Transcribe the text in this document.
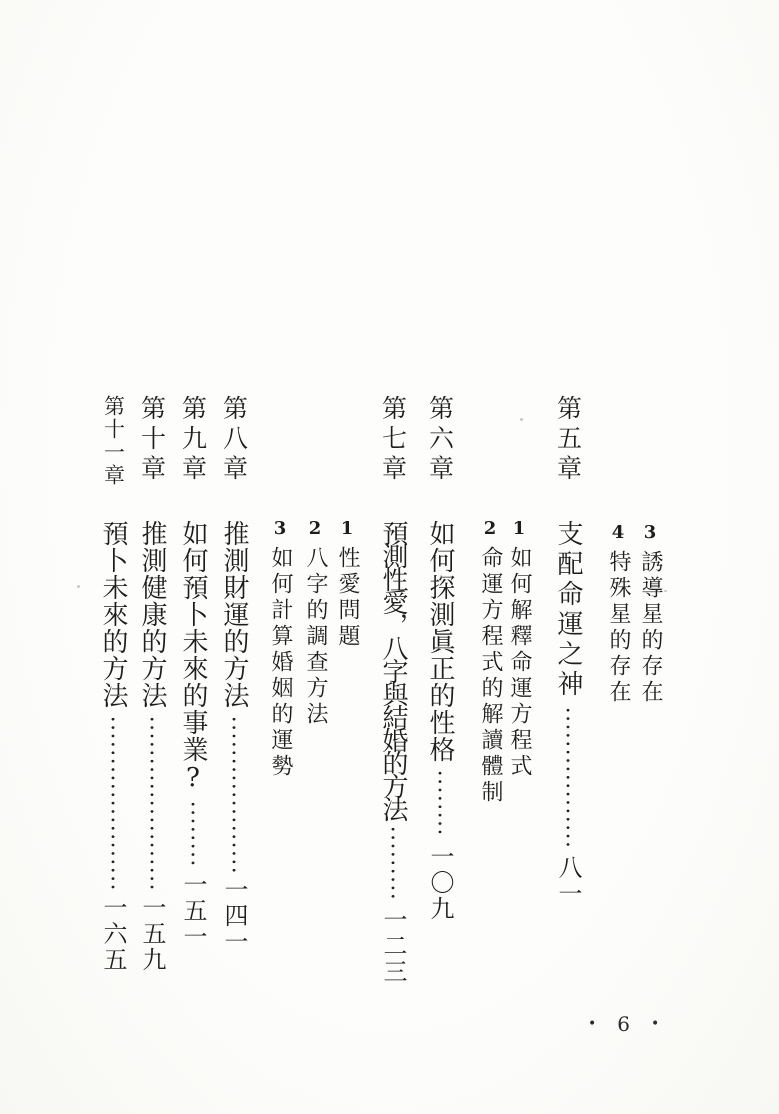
3
誘導星的存在
4
特殊星的存在
第五章
支配命運之神
八一
1
如何解釋命運方程式
2
命運方程式的解讀體制
第六章
如何探測眞正的性格
一〇九
第七章
預測性愛，八字與結婚的方法
一二三
1
性愛問題
2
八字的調查方法
3
如何計算婚姻的運勢
第八章
推測財運的方法
一四一
第九章
如何預卜未來的事業?
一五一
第十章
推測健康的方法
一五九
第十一章
預卜未來的方法
一六五
• 6 •
